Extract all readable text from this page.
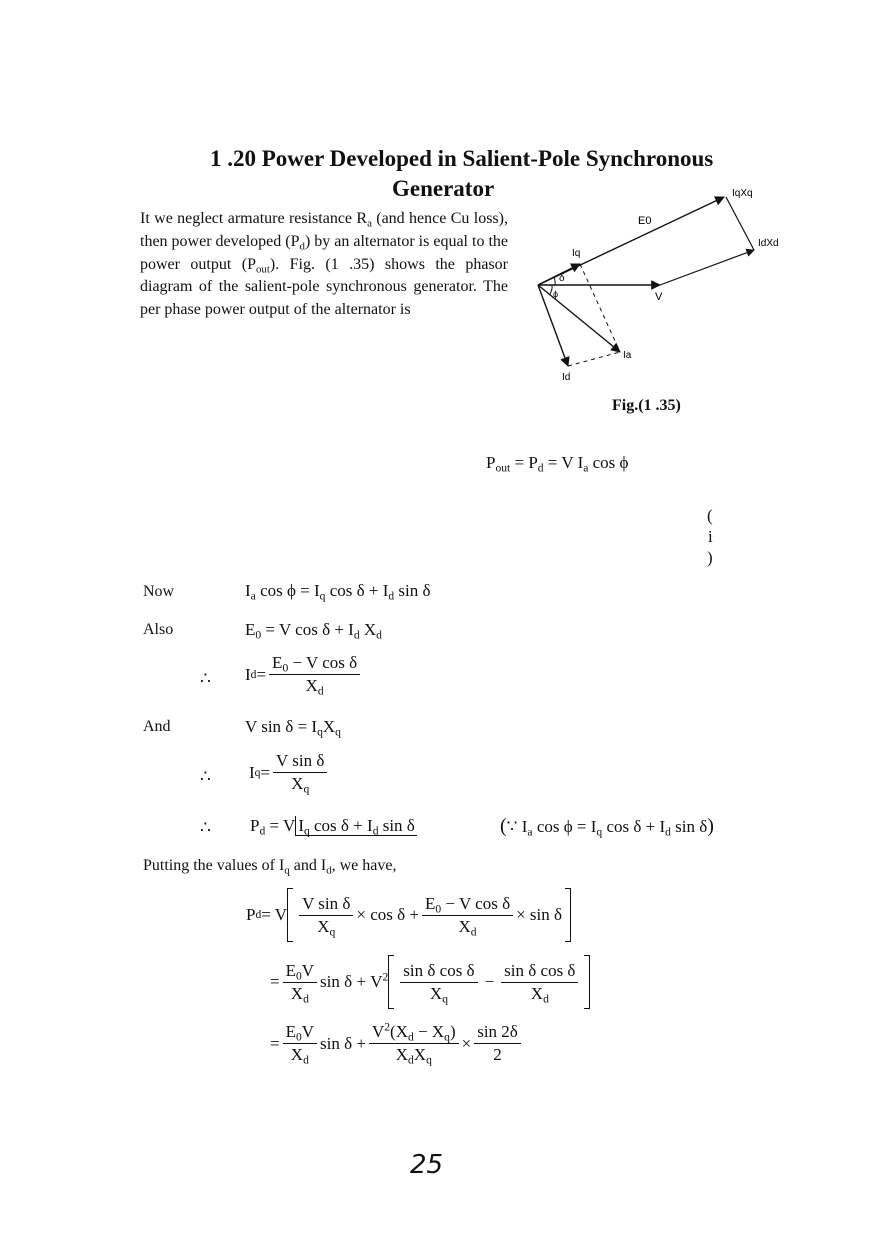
1 .20 Power Developed in Salient-Pole Synchronous
Generator

It we neglect armature resistance $R_a$ (and hence Cu loss), then power developed $(P_d)$ by an alternator is equal to the power output $(P_{out})$. Fig. (1 .35) shows the phasor diagram of the salient-pole synchronous generator. The per phase power output of the alternator is

E0
IqXq
IdXd
Iq
V
Ia
Id
δ
ϕ
Fig.(1 .35)
$P_{out} = P_d = V$ $I_a$ cos ϕ
(
i
)
Now	$I_a$ $\cos \phi = I_q$ $\cos \delta + I_d$ sin δ
Also	$E_0 = V$ $\cos \delta + I_d$ $X_d$
∴ I $d = \frac{E_0 - V \cos \delta}{X_d}$
And	V $\sin \delta = I_qX_q$
∴ I $q = \frac{\text{V sin δ}}{X_q}$
∴ $P_d = V$ $I_q$ $\cos \delta + I_d$ sin δ	(∵ $I_a$ $\cos \phi = I_q$ $\cos \delta + I_d$ sin δ)
Putting the values of $I_q$ and $I_d$, we have,
P d = V $\frac{\text{V sin δ}}{X_q} \times \cos \delta + \frac{E_0 - V \cos \delta}{X_d} \times \sin \delta$
= $\frac{E_0V}{X_d}$ $\sin \delta + V^2 \frac{\text{sin δ cos δ}}{X_q} - \frac{\text{sin δ cos δ}}{X_d}$
= $\frac{E_0V}{X_d}$ $\sin \delta + \frac{V^2(X_d - X_q)}{X_dX_q} \times \frac{\sin 2\delta}{2}$
25
